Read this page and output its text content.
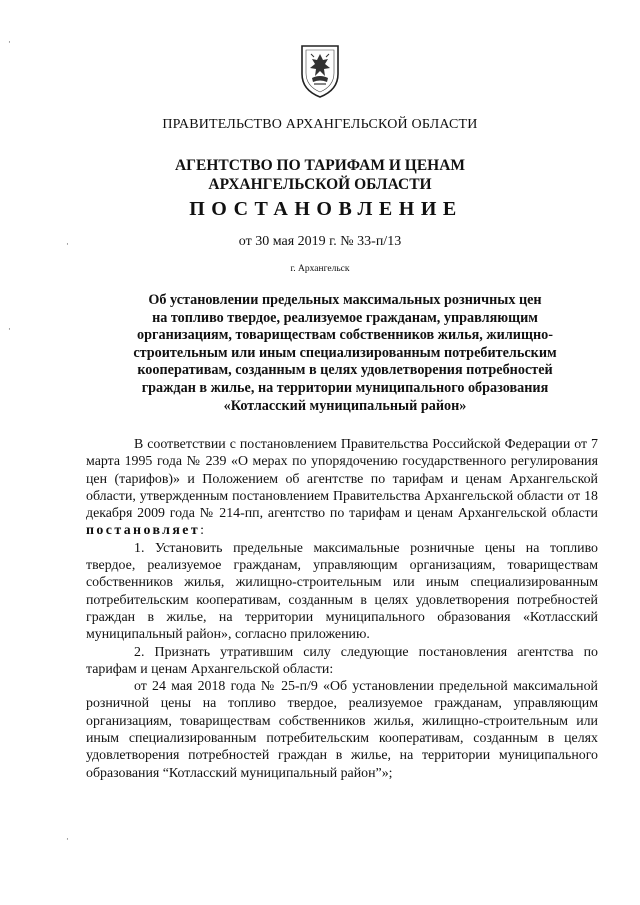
ПРАВИТЕЛЬСТВО АРХАНГЕЛЬСКОЙ ОБЛАСТИ
АГЕНТСТВО ПО ТАРИФАМ И ЦЕНАМ
АРХАНГЕЛЬСКОЙ ОБЛАСТИ
ПОСТАНОВЛЕНИЕ
от 30 мая 2019 г. № 33-п/13
г. Архангельск
Об установлении предельных максимальных розничных цен
на топливо твердое, реализуемое гражданам, управляющим
организациям, товариществам собственников жилья, жилищно-
строительным или иным специализированным потребительским
кооперативам, созданным в целях удовлетворения потребностей
граждан в жилье, на территории муниципального образования
«Котласский муниципальный район»

В соответствии с постановлением Правительства Российской Федерации от 7 марта 1995 года № 239 «О мерах по упорядочению государственного регулирования цен (тарифов)» и Положением об агентстве по тарифам и ценам Архангельской области, утвержденным постановлением Правительства Архангельской области от 18 декабря 2009 года № 214-пп, агентство по тарифам и ценам Архангельской области постановляет:

1. Установить предельные максимальные розничные цены на топливо твердое, реализуемое гражданам, управляющим организациям, товариществам собственников жилья, жилищно-строительным или иным специализированным потребительским кооперативам, созданным в целях удовлетворения потребностей граждан в жилье, на территории муниципального образования «Котласский муниципальный район», согласно приложению.

2. Признать утратившим силу следующие постановления агентства по тарифам и ценам Архангельской области:

от 24 мая 2018 года № 25-п/9 «Об установлении предельной максимальной розничной цены на топливо твердое, реализуемое гражданам, управляющим организациям, товариществам собственников жилья, жилищно-строительным или иным специализированным потребительским кооперативам, созданным в целях удовлетворения потребностей граждан в жилье, на территории муниципального образования “Котласский муниципальный район”»;

·
·
·
·
